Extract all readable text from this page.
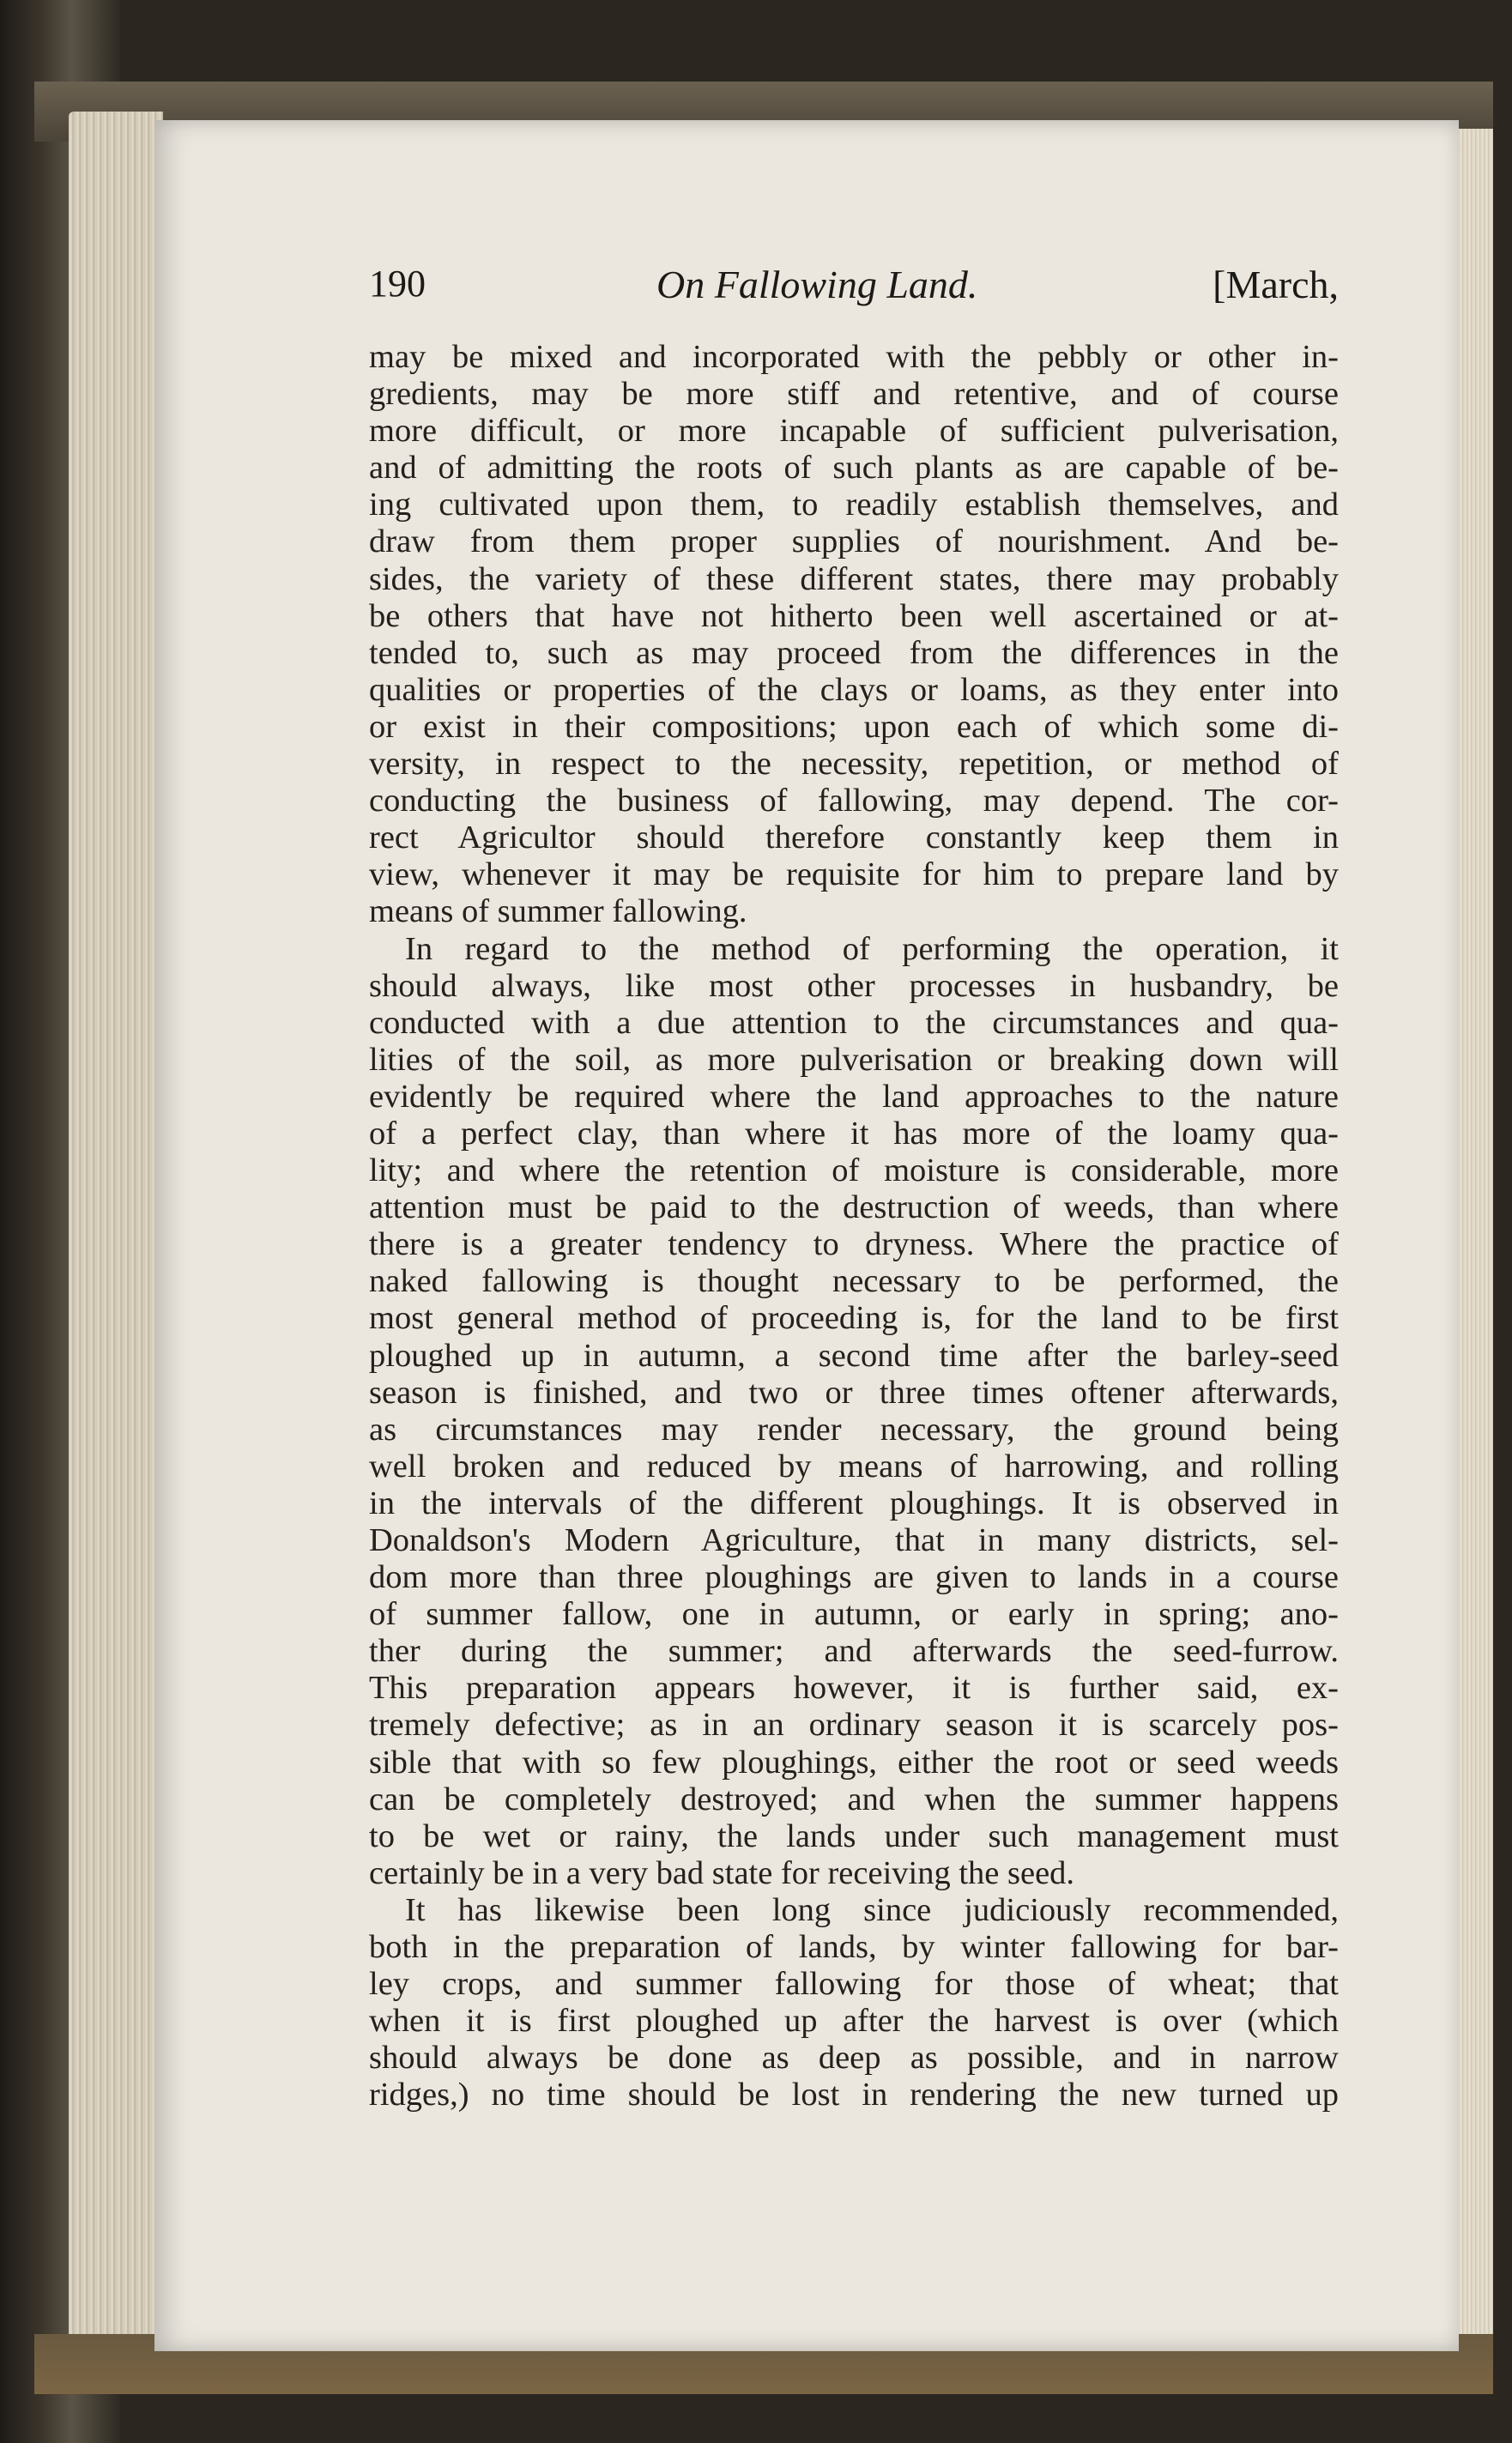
190	On Fallowing Land.	[March,
may be mixed and incorporated with the pebbly or other in-
gredients, may be more stiff and retentive, and of course
more difficult, or more incapable of sufficient pulverisation,
and of admitting the roots of such plants as are capable of be-
ing cultivated upon them, to readily establish themselves, and
draw from them proper supplies of nourishment. And be-
sides, the variety of these different states, there may probably
be others that have not hitherto been well ascertained or at-
tended to, such as may proceed from the differences in the
qualities or properties of the clays or loams, as they enter into
or exist in their compositions; upon each of which some di-
versity, in respect to the necessity, repetition, or method of
conducting the business of fallowing, may depend. The cor-
rect Agricultor should therefore constantly keep them in
view, whenever it may be requisite for him to prepare land by
means of summer fallowing.
In regard to the method of performing the operation, it
should always, like most other processes in husbandry, be
conducted with a due attention to the circumstances and qua-
lities of the soil, as more pulverisation or breaking down will
evidently be required where the land approaches to the nature
of a perfect clay, than where it has more of the loamy qua-
lity; and where the retention of moisture is considerable, more
attention must be paid to the destruction of weeds, than where
there is a greater tendency to dryness. Where the practice of
naked fallowing is thought necessary to be performed, the
most general method of proceeding is, for the land to be first
ploughed up in autumn, a second time after the barley-seed
season is finished, and two or three times oftener afterwards,
as circumstances may render necessary, the ground being
well broken and reduced by means of harrowing, and rolling
in the intervals of the different ploughings. It is observed in
Donaldson's Modern Agriculture, that in many districts, sel-
dom more than three ploughings are given to lands in a course
of summer fallow, one in autumn, or early in spring; ano-
ther during the summer; and afterwards the seed-furrow.
This preparation appears however, it is further said, ex-
tremely defective; as in an ordinary season it is scarcely pos-
sible that with so few ploughings, either the root or seed weeds
can be completely destroyed; and when the summer happens
to be wet or rainy, the lands under such management must
certainly be in a very bad state for receiving the seed.
It has likewise been long since judiciously recommended,
both in the preparation of lands, by winter fallowing for bar-
ley crops, and summer fallowing for those of wheat; that
when it is first ploughed up after the harvest is over (which
should always be done as deep as possible, and in narrow
ridges,) no time should be lost in rendering the new turned up
